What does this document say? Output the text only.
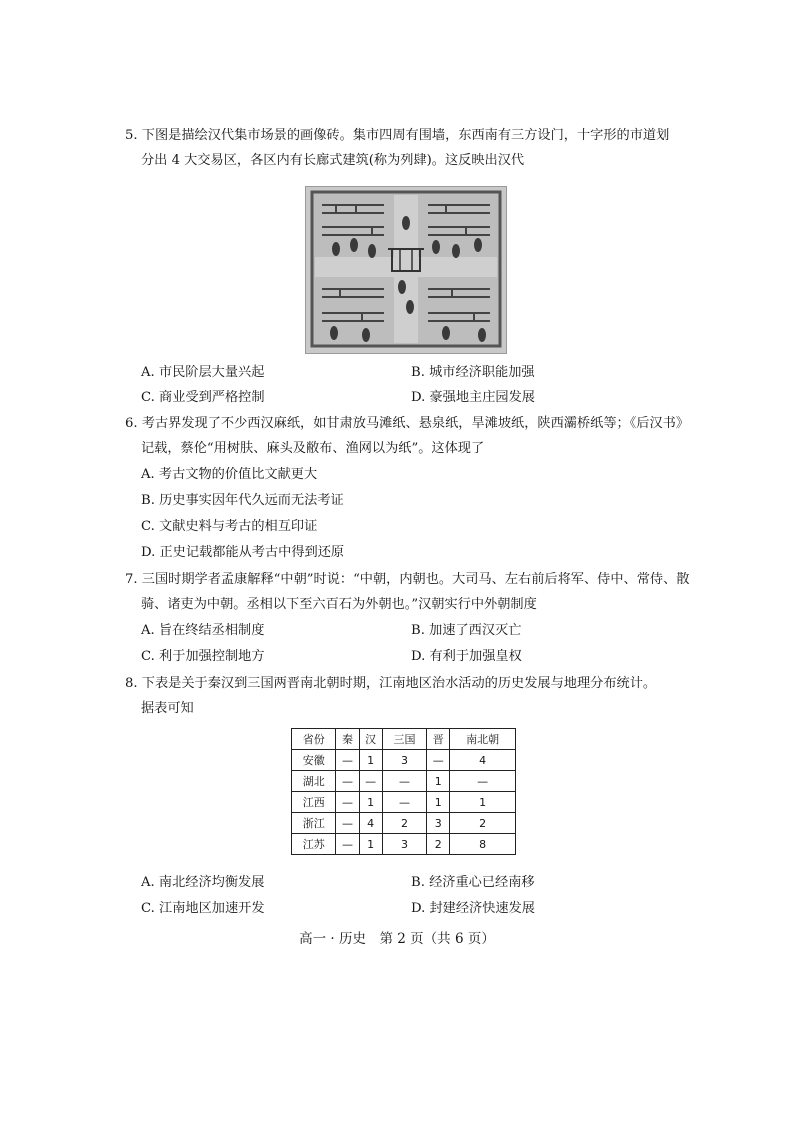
5. 下图是描绘汉代集市场景的画像砖。集市四周有围墙，东西南有三方设门，十字形的市道划
分出 4 大交易区，各区内有长廊式建筑(称为列肆)。这反映出汉代
A. 市民阶层大量兴起	B. 城市经济职能加强
C. 商业受到严格控制	D. 豪强地主庄园发展
6. 考古界发现了不少西汉麻纸，如甘肃放马滩纸、悬泉纸，旱滩坡纸，陕西灞桥纸等；《后汉书》
记载，蔡伦“用树肤、麻头及敝布、渔网以为纸”。这体现了
A. 考古文物的价值比文献更大
B. 历史事实因年代久远而无法考证
C. 文献史料与考古的相互印证
D. 正史记载都能从考古中得到还原
7. 三国时期学者孟康解释“中朝”时说：“中朝，内朝也。大司马、左右前后将军、侍中、常侍、散
骑、诸吏为中朝。丞相以下至六百石为外朝也。”汉朝实行中外朝制度
A. 旨在终结丞相制度	B. 加速了西汉灭亡
C. 利于加强控制地方	D. 有利于加强皇权
8. 下表是关于秦汉到三国两晋南北朝时期，江南地区治水活动的历史发展与地理分布统计。
据表可知
省份	秦	汉	三国	晋	南北朝
安徽	—	1	3	—	4
湖北	—	—	—	1	—
江西	—	1	—	1	1
浙江	—	4	2	3	2
江苏	—	1	3	2	8
A. 南北经济均衡发展	B. 经济重心已经南移
C. 江南地区加速开发	D. 封建经济快速发展
高一 · 历史　第 2 页（共 6 页）
